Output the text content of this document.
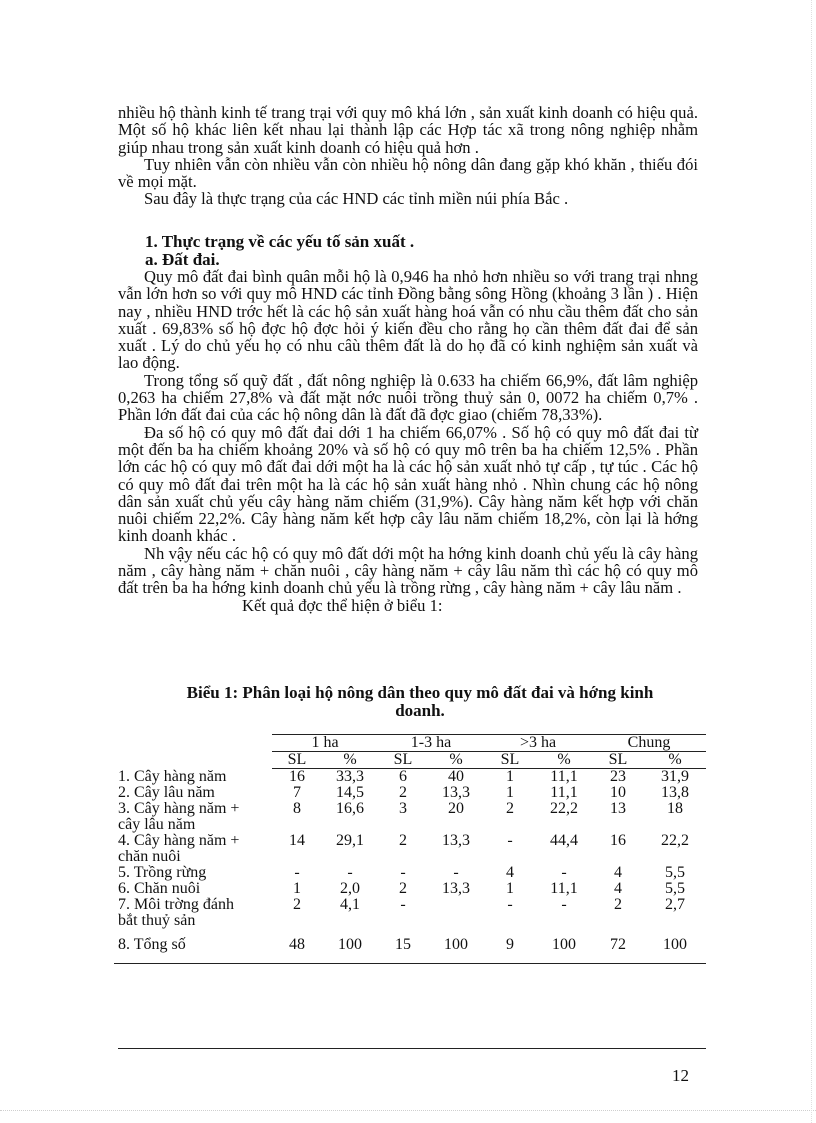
nhiều hộ thành kinh tế trang trại với quy mô khá lớn , sản xuất kinh doanh có hiệu quả. Một số hộ khác liên kết nhau lại thành lập các Hợp tác xã trong nông nghiệp nhằm giúp nhau trong sản xuất kinh doanh có hiệu quả hơn .

Tuy nhiên vẫn còn nhiều vẫn còn nhiều hộ nông dân đang gặp khó khăn , thiếu đói về mọi mặt.

Sau đây là thực trạng của các HND các tỉnh miền núi phía Bắc .

1. Thực trạng về các yếu tố sản xuất .
a. Đất đai.

Quy mô đất đai bình quân mỗi hộ là 0,946 ha nhỏ hơn nhiều so với trang trại nhng vẫn lớn hơn so với quy mô HND các tỉnh Đồng bằng sông Hồng (khoảng 3 lần ) . Hiện nay , nhiều HND trớc hết là các hộ sản xuất hàng hoá vẫn có nhu cầu thêm đất cho sản xuất . 69,83% số hộ đợc hộ đợc hỏi ý kiến đều cho rằng họ cần thêm đất đai để sản xuất . Lý do chủ yếu họ có nhu câù thêm đất là do họ đã có kinh nghiệm sản xuất và lao động.

Trong tổng số quỹ đất , đất nông nghiệp là 0.633 ha chiếm 66,9%, đất lâm nghiệp 0,263 ha chiếm 27,8% và đất mặt nớc nuôi trồng thuỷ sản 0, 0072 ha chiếm 0,7% . Phần lớn đất đai của các hộ nông dân là đất đã đợc giao (chiếm 78,33%).

Đa số hộ có quy mô đất đai dới 1 ha chiếm 66,07% . Số hộ có quy mô đất đai từ một đến ba ha chiếm khoảng 20% và số hộ có quy mô trên ba ha chiếm 12,5% . Phần lớn các hộ có quy mô đất đai dới một ha là các hộ sản xuất nhỏ tự cấp , tự túc . Các hộ có quy mô đất đai trên một ha là các hộ sản xuất hàng nhỏ . Nhìn chung các hộ nông dân sản xuất chủ yếu cây hàng năm chiếm (31,9%). Cây hàng năm kết hợp với chăn nuôi chiếm 22,2%. Cây hàng năm kết hợp cây lâu năm chiếm 18,2%, còn lại là hớng kinh doanh khác .

Nh vậy nếu các hộ có quy mô đất dới một ha hớng kinh doanh chủ yếu là cây hàng năm , cây hàng năm + chăn nuôi , cây hàng năm + cây lâu năm thì các hộ có quy mô đất trên ba ha hớng kinh doanh chủ yếu là trồng rừng , cây hàng năm + cây lâu năm .

Kết quả đợc thể hiện ở biểu 1:

Biểu 1: Phân loại hộ nông dân theo quy mô đất đai và hớng kinh doanh.
	1 ha		1-3 ha		>3 ha		Chung	
	SL	%	SL	%	SL	%	SL	%
1. Cây hàng năm	16	33,3	6	40	1	11,1	23	31,9
2. Cây lâu năm	7	14,5	2	13,3	1	11,1	10	13,8
3. Cây hàng năm +
cây lâu năm	8	16,6	3	20	2	22,2	13	18
4. Cây hàng năm +
chăn nuôi	14	29,1	2	13,3	-	44,4	16	22,2
5. Trồng rừng	-	-	-	-	4	-	4	5,5
6. Chăn nuôi	1	2,0	2	13,3	1	11,1	4	5,5
7. Môi trờng đánh
bắt thuỷ sản	2	4,1	-		-	-	2	2,7
8. Tổng số	48	100	15	100	9	100	72	100
12
